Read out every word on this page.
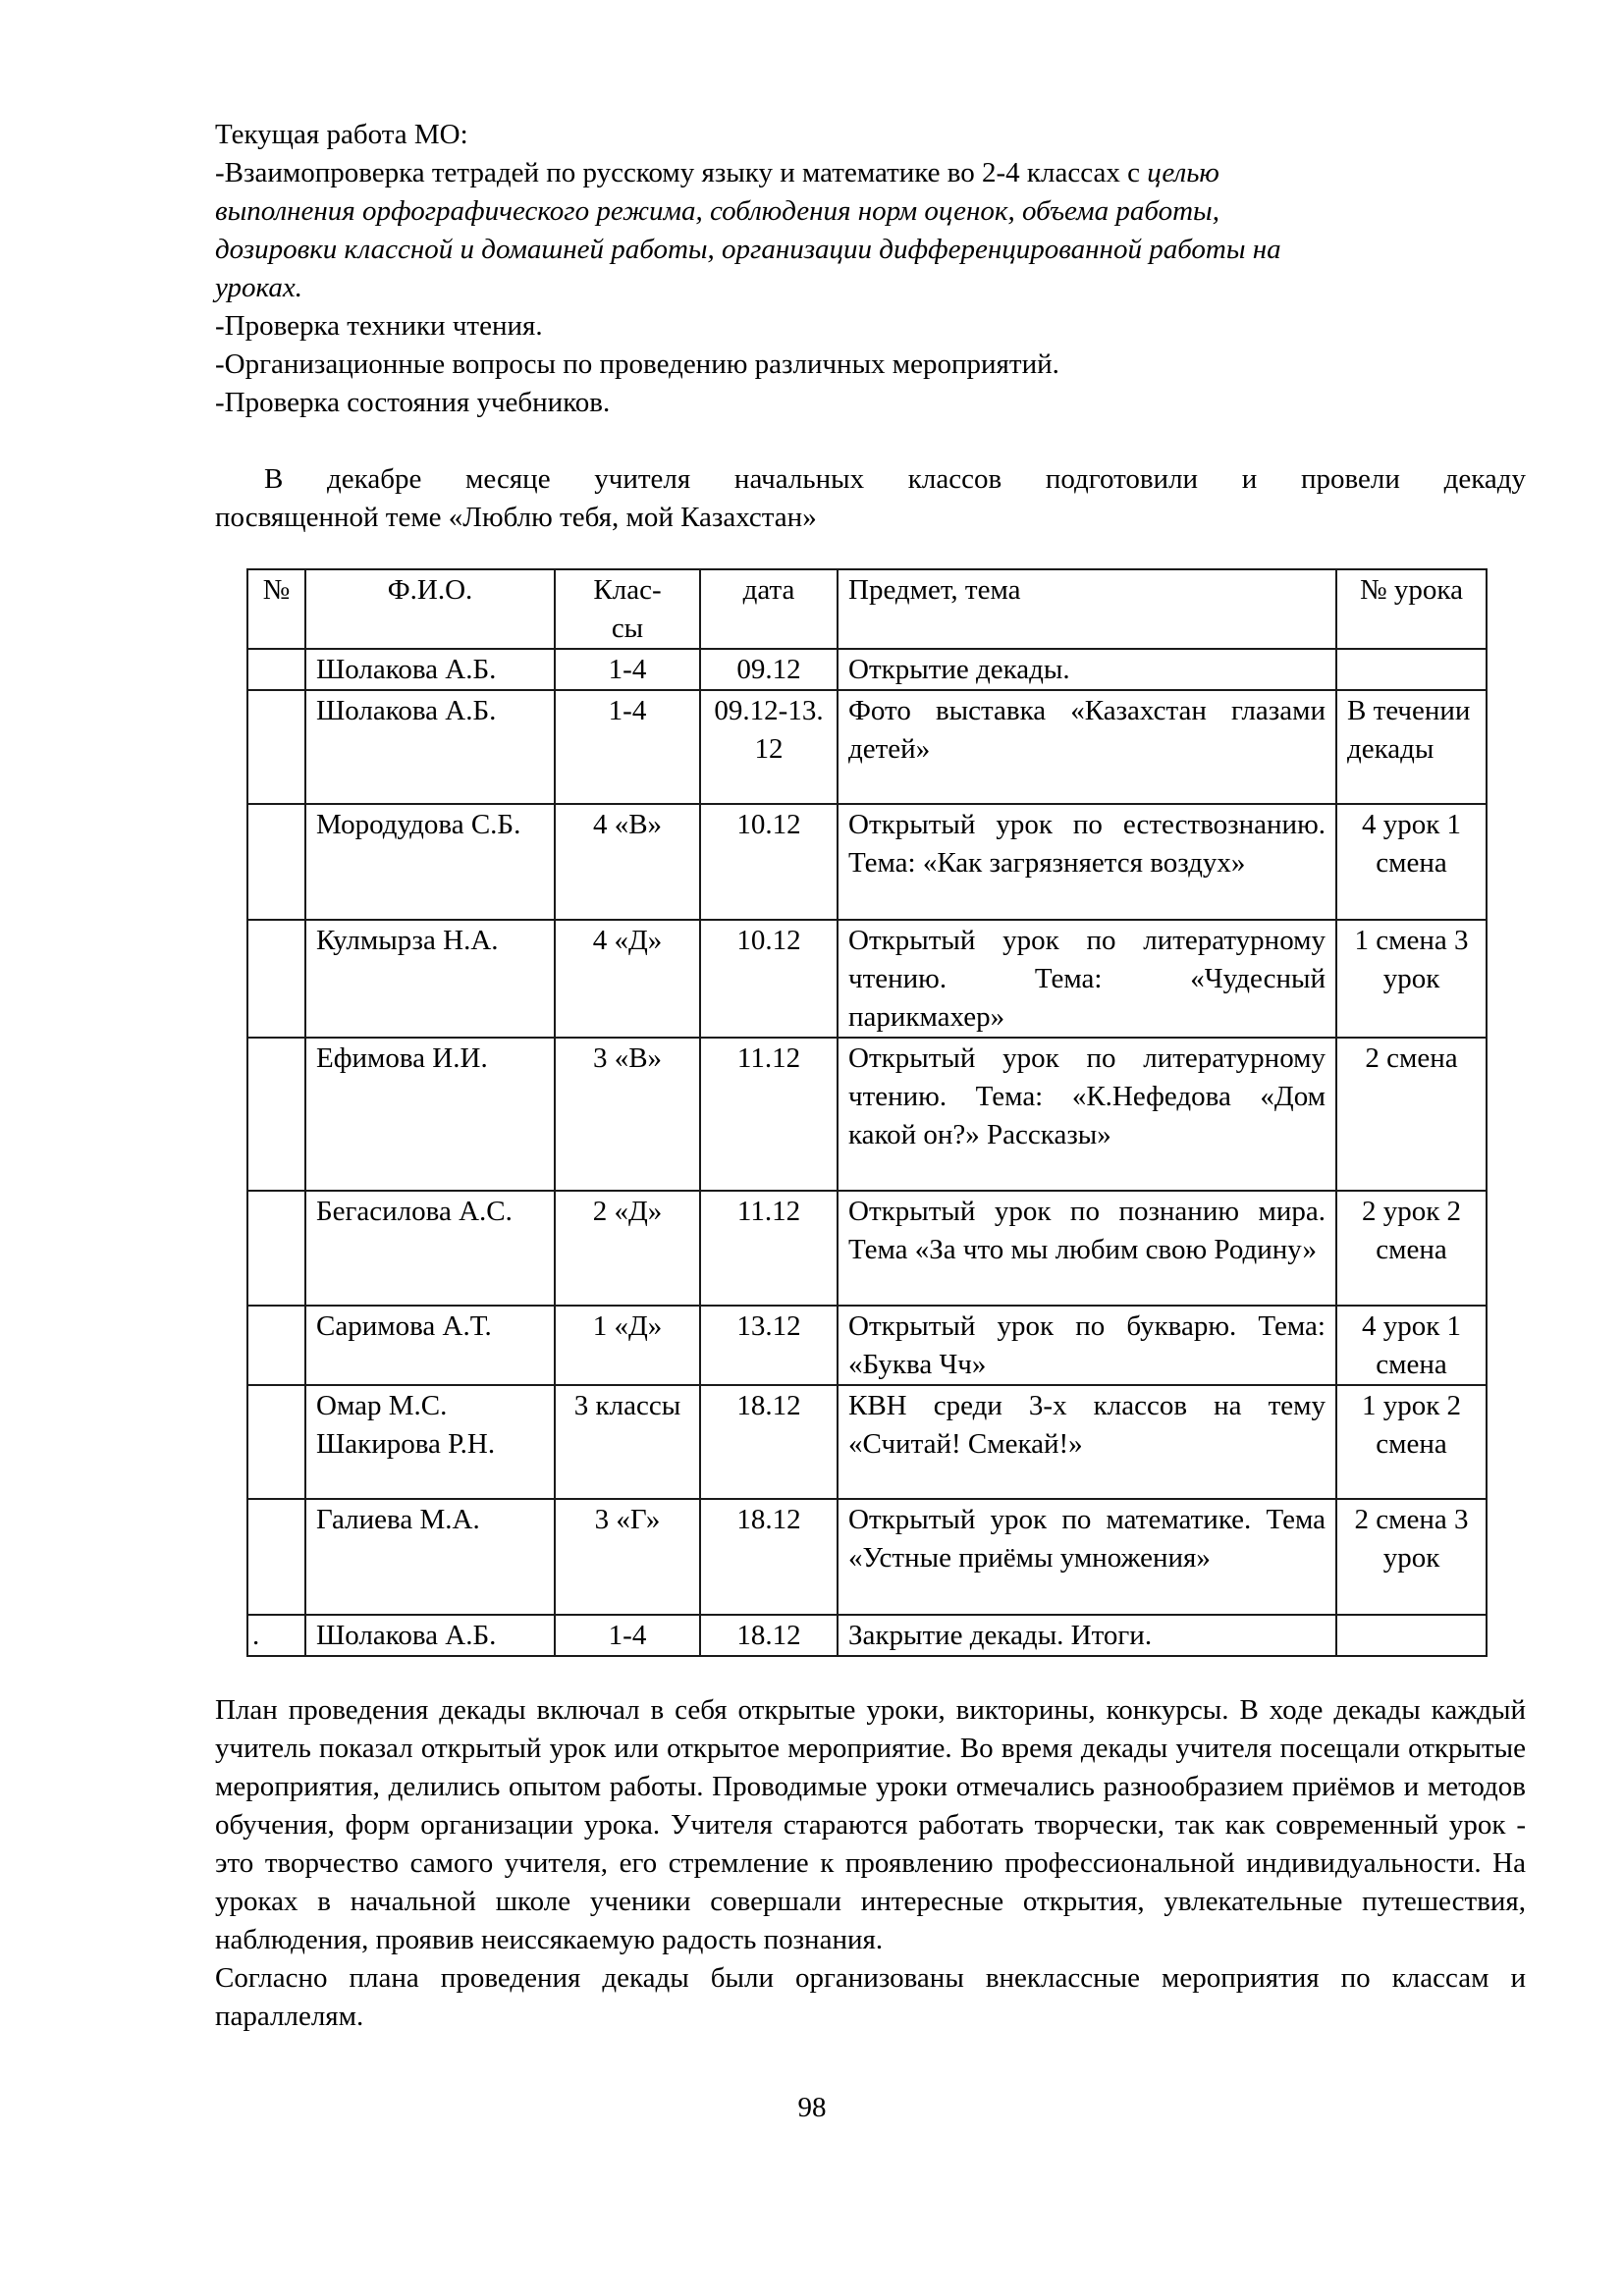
Текущая работа МО:
-Взаимопроверка тетрадей по русскому языку и математике во 2-4 классах с целью
выполнения орфографического режима, соблюдения норм оценок, объема работы,
дозировки классной и домашней работы, организации дифференцированной работы на
уроках.
-Проверка техники чтения.
-Организационные вопросы по проведению различных мероприятий.
-Проверка состояния учебников.
В декабре месяце учителя начальных классов подготовили и провели декаду
посвященной теме «Люблю тебя, мой Казахстан»
№	Ф.И.О.	Клас-сы	дата	Предмет, тема	№ урока
	Шолакова А.Б.	1-4	09.12	Открытие декады.	
	Шолакова А.Б.	1-4	09.12-13.12	Фото выставка «Казахстан глазами детей»	В течении декады
	Мородудова С.Б.	4 «В»	10.12	Открытый урок по естествознанию. Тема: «Как загрязняется воздух»	4 урок 1 смена
	Кулмырза Н.А.	4 «Д»	10.12	Открытый урок по литературному чтению. Тема: «Чудесный парикмахер»	1 смена 3 урок
	Ефимова И.И.	3 «В»	11.12	Открытый урок по литературному чтению. Тема: «К.Нефедова «Дом какой он?» Рассказы»	2 смена
	Бегасилова А.С.	2 «Д»	11.12	Открытый урок по познанию мира. Тема «За что мы любим свою Родину»	2 урок 2 смена
	Саримова А.Т.	1 «Д»	13.12	Открытый урок по букварю. Тема: «Буква Чч»	4 урок 1 смена
	Омар М.С. Шакирова Р.Н.	3 классы	18.12	КВН среди 3-х классов на тему «Считай! Смекай!»	1 урок 2 смена
	Галиева М.А.	3 «Г»	18.12	Открытый урок по математике. Тема «Устные приёмы умножения»	2 смена 3 урок
.	Шолакова А.Б.	1-4	18.12	Закрытие декады. Итоги.	

План проведения декады включал в себя открытые уроки, викторины, конкурсы. В ходе декады каждый учитель показал открытый урок или открытое мероприятие. Во время декады учителя посещали открытые мероприятия, делились опытом работы. Проводимые уроки отмечались разнообразием приёмов и методов обучения, форм организации урока. Учителя стараются работать творчески, так как современный урок - это творчество самого учителя, его стремление к проявлению профессиональной индивидуальности. На уроках в начальной школе ученики совершали интересные открытия, увлекательные путешествия, наблюдения, проявив неиссякаемую радость познания.

Согласно плана проведения декады были организованы внеклассные мероприятия по классам и параллелям.

98
